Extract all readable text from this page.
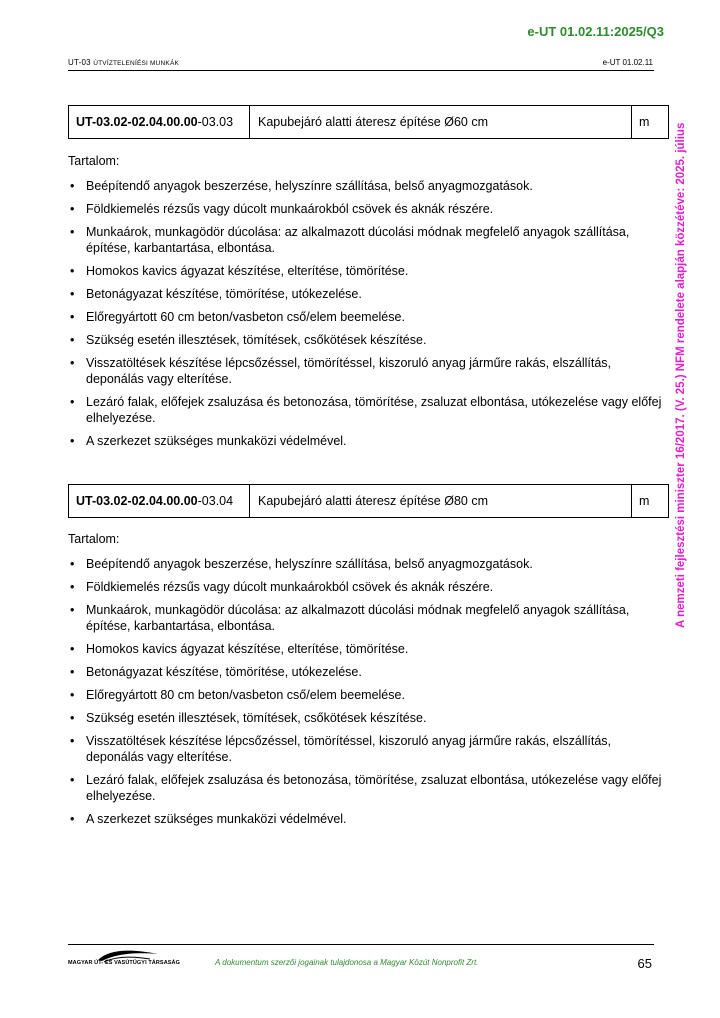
e-UT 01.02.11:2025/Q3
UT-03 ÚTVÍZTELENÍÉSI MUNKÁK	e-UT 01.02.11
UT-03.02-02.04.00.00 -03.03	Kapubejáró alatti áteresz építése Ø60 cm	m
Tartalom:
• Beépítendő anyagok beszerzése, helyszínre szállítása, belső anyagmozgatások.
• Földkiemelés rézsűs vagy dúcolt munkaárokból csövek és aknák részére.
• Munkaárok, munkagödör dúcolása: az alkalmazott dúcolási módnak megfelelő anyagok szállítása, építése, karbantartása, elbontása.
• Homokos kavics ágyazat készítése, elterítése, tömörítése.
• Betonágyazat készítése, tömörítése, utókezelése.
• Előregyártott 60 cm beton/vasbeton cső/elem beemelése.
• Szükség esetén illesztések, tömítések, csőkötések készítése.
• Visszatöltések készítése lépcsőzéssel, tömörítéssel, kiszoruló anyag járműre rakás, elszállítás, deponálás vagy elterítése.
• Lezáró falak, előfejek zsaluzása és betonozása, tömörítése, zsaluzat elbontása, utókezelése vagy előfej elhelyezése.
• A szerkezet szükséges munkaközi védelmével.
UT-03.02-02.04.00.00 -03.04	Kapubejáró alatti áteresz építése Ø80 cm	m
Tartalom:
• Beépítendő anyagok beszerzése, helyszínre szállítása, belső anyagmozgatások.
• Földkiemelés rézsűs vagy dúcolt munkaárokból csövek és aknák részére.
• Munkaárok, munkagödör dúcolása: az alkalmazott dúcolási módnak megfelelő anyagok szállítása, építése, karbantartása, elbontása.
• Homokos kavics ágyazat készítése, elterítése, tömörítése.
• Betonágyazat készítése, tömörítése, utókezelése.
• Előregyártott 80 cm beton/vasbeton cső/elem beemelése.
• Szükség esetén illesztések, tömítések, csőkötések készítése.
• Visszatöltések készítése lépcsőzéssel, tömörítéssel, kiszoruló anyag járműre rakás, elszállítás, deponálás vagy elterítése.
• Lezáró falak, előfejek zsaluzása és betonozása, tömörítése, zsaluzat elbontása, utókezelése vagy előfej elhelyezése.
• A szerkezet szükséges munkaközi védelmével.
A nemzeti fejlesztési miniszter 16/2017. (V. 25.) NFM rendelete alapján közzétéve: 2025. július
MAGYAR ÚT- ÉS VASÚTÜGYI TÁRSASÁG	A dokumentum szerzői jogainak tulajdonosa a Magyar Közút Nonprofit Zrt.	65
